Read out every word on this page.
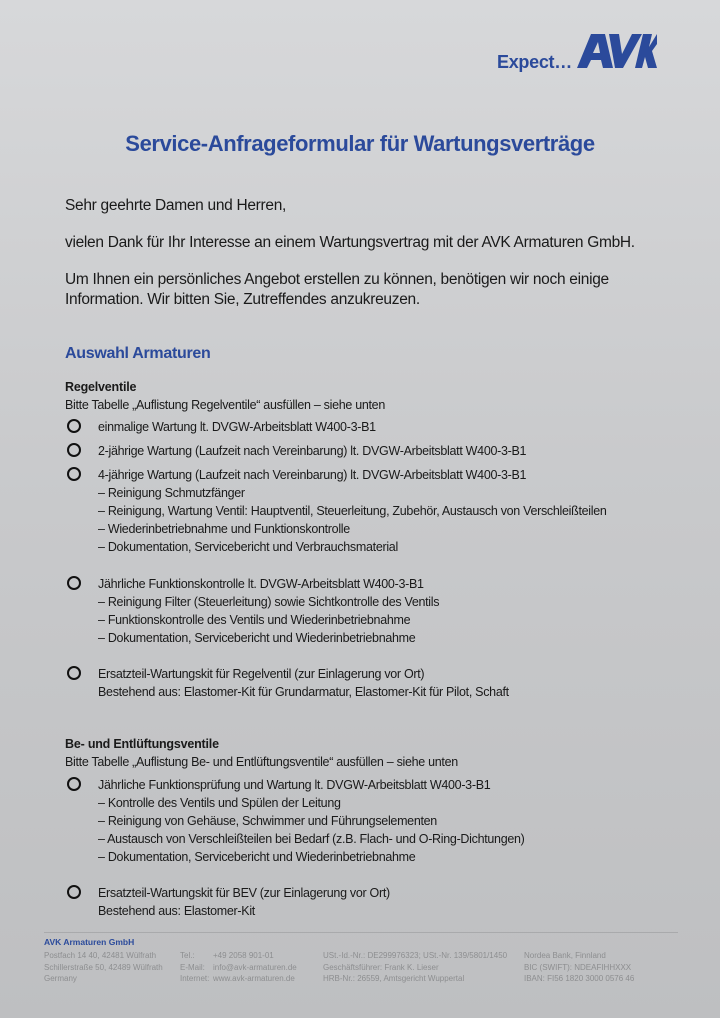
Expect…
Service-Anfrageformular für Wartungsverträge
Sehr geehrte Damen und Herren,
vielen Dank für Ihr Interesse an einem Wartungsvertrag mit der AVK Armaturen GmbH.
Um Ihnen ein persönliches Angebot erstellen zu können, benötigen wir noch einige
Information. Wir bitten Sie, Zutreffendes anzukreuzen.
Auswahl Armaturen
Regelventile
Bitte Tabelle „Auflistung Regelventile“ ausfüllen – siehe unten
einmalige Wartung lt. DVGW-Arbeitsblatt W400-3-B1
2-jährige Wartung (Laufzeit nach Vereinbarung) lt. DVGW-Arbeitsblatt W400-3-B1
4-jährige Wartung (Laufzeit nach Vereinbarung) lt. DVGW-Arbeitsblatt W400-3-B1
– Reinigung Schmutzfänger
– Reinigung, Wartung Ventil: Hauptventil, Steuerleitung, Zubehör, Austausch von Verschleißteilen
– Wiederinbetriebnahme und Funktionskontrolle
– Dokumentation, Servicebericht und Verbrauchsmaterial
Jährliche Funktionskontrolle lt. DVGW-Arbeitsblatt W400-3-B1
– Reinigung Filter (Steuerleitung) sowie Sichtkontrolle des Ventils
– Funktionskontrolle des Ventils und Wiederinbetriebnahme
– Dokumentation, Servicebericht und Wiederinbetriebnahme
Ersatzteil-Wartungskit für Regelventil (zur Einlagerung vor Ort)
Bestehend aus: Elastomer-Kit für Grundarmatur, Elastomer-Kit für Pilot, Schaft
Be- und Entlüftungsventile
Bitte Tabelle „Auflistung Be- und Entlüftungsventile“ ausfüllen – siehe unten
Jährliche Funktionsprüfung und Wartung lt. DVGW-Arbeitsblatt W400-3-B1
– Kontrolle des Ventils und Spülen der Leitung
– Reinigung von Gehäuse, Schwimmer und Führungselementen
– Austausch von Verschleißteilen bei Bedarf (z.B. Flach- und O-Ring-Dichtungen)
– Dokumentation, Servicebericht und Wiederinbetriebnahme
Ersatzteil-Wartungskit für BEV (zur Einlagerung vor Ort)
Bestehend aus: Elastomer-Kit
AVK Armaturen GmbH
Postfach 14 40, 42481 Wülfrath
Schillerstraße 50, 42489 Wülfrath
Germany
Tel.:	+49 2058 901-01
E-Mail:	info@avk-armaturen.de
Internet: www.avk-armaturen.de
USt.-Id.-Nr.: DE299976323; USt.-Nr. 139/5801/1450
Geschäftsführer: Frank K. Lieser
HRB-Nr.: 26559, Amtsgericht Wuppertal
Nordea Bank, Finnland
BIC (SWIFT): NDEAFIHHXXX
IBAN: FI56 1820 3000 0576 46
